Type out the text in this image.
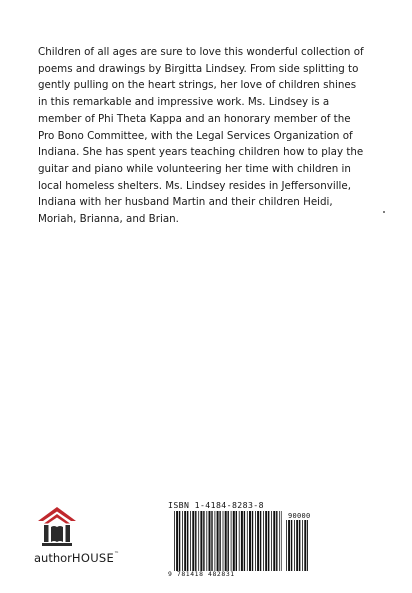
Children of all ages are sure to love this wonderful collection of

poems and drawings by Birgitta Lindsey. From side splitting to

gently pulling on the heart strings, her love of children shines

in this remarkable and impressive work. Ms. Lindsey is a

member of Phi Theta Kappa and an honorary member of the

Pro Bono Committee, with the Legal Services Organization of

Indiana. She has spent years teaching children how to play the

guitar and piano while volunteering her time with children in

local homeless shelters. Ms. Lindsey resides in Jeffersonville,

Indiana with her husband Martin and their children Heidi,

Moriah, Brianna, and Brian.

authorHOUSE™
ISBN 1-4184-8283-8
90000
9 781418 482831
